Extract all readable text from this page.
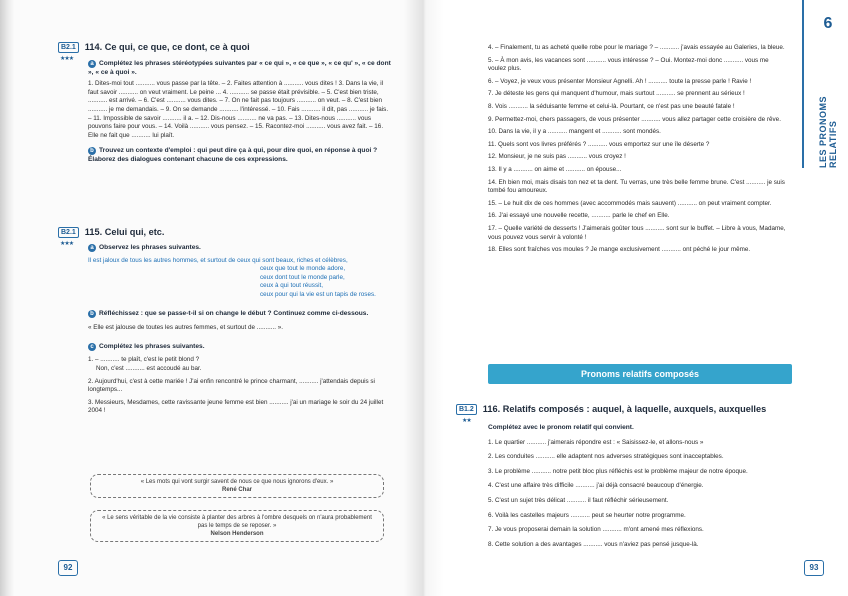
B2.1 114. Ce qui, ce que, ce dont, ce à quoi
★★★

a Complétez les phrases stéréotypées suivantes par « ce qui », « ce que », « ce qu' », « ce dont », « ce à quoi ».

1. Dites-moi tout ........... vous passe par la tête. – 2. Faites attention à ........... vous dites ! 3. Dans la vie, il faut savoir ........... on veut vraiment. Le peine ... 4. ........... se passe était prévisible. – 5. C'est bien triste, ........... est arrivé. – 6. C'est ........... vous dites. – 7. On ne fait pas toujours ........... on veut. – 8. C'est bien ........... je me demandais. – 9. On se demande ........... l'intéressé. – 10. Fais ........... il dit, pas ........... je fais. – 11. Impossible de savoir ........... il a. – 12. Dis-nous ........... ne va pas. – 13. Dites-nous ........... vous pouvons faire pour vous. – 14. Voilà ........... vous pensez. – 15. Racontez-moi ........... vous avez fait. – 16. Elle ne fait que ........... lui plaît.

b Trouvez un contexte d'emploi : qui peut dire ça à qui, pour dire quoi, en réponse à quoi ? Élaborez des dialogues contenant chacune de ces expressions.

B2.1 115. Celui qui, etc.
★★★

a Observez les phrases suivantes.

Il est jaloux de tous les autres hommes, et surtout de ceux qui sont beaux, riches et célèbres,

ceux que tout le monde adore,

ceux dont tout le monde parle,

ceux à qui tout réussit,

ceux pour qui la vie est un tapis de roses.

b Réfléchissez : que se passe-t-il si on change le début ? Continuez comme ci-dessous.

« Elle est jalouse de toutes les autres femmes, et surtout de ........... ».

c Complétez les phrases suivantes.

1. – ........... te plaît, c'est le petit blond ?

Non, c'est ........... est accoudé au bar.

2. Aujourd'hui, c'est à cette mariée ! J'ai enfin rencontré le prince charmant, ........... j'attendais depuis si longtemps...

3. Messieurs, Mesdames, cette ravissante jeune femme est bien ........... j'ai un mariage le soir du 24 juillet 2004 !

« Les mots qui vont surgir savent de nous ce que nous ignorons d'eux. »

René Char

« Le sens véritable de la vie consiste à planter des arbres à l'ombre desquels on n'aura probablement pas le temps de se reposer. »

Nelson Henderson

92
6
LES PRONOMS RELATIFS

4. – Finalement, tu as acheté quelle robe pour le mariage ? – ........... j'avais essayée au Galeries, la bleue.

5. – À mon avis, les vacances sont ........... vous intéresse ? – Oui. Montez-moi donc ........... vous me voulez plus.

6. – Voyez, je veux vous présenter Monsieur Agnelli. Ah ! ........... toute la presse parle ! Ravie !

7. Je déteste les gens qui manquent d'humour, mais surtout ........... se prennent au sérieux !

8. Vois ........... la séduisante femme et celui-là. Pourtant, ce n'est pas une beauté fatale !

9. Permettez-moi, chers passagers, de vous présenter ........... vous allez partager cette croisière de rêve.

10. Dans la vie, il y a ........... mangent et ........... sont mondés.

11. Quels sont vos livres préférés ? ........... vous emportez sur une île déserte ?

12. Monsieur, je ne suis pas ........... vous croyez !

13. Il y a ........... on aime et ........... on épouse...

14. Eh bien moi, mais disais ton nez et ta dent. Tu verras, une très belle femme brune. C'est ........... je suis tombé fou amoureux.

15. – Le huit dix de ces hommes (avec accommodés mais sauvent) ........... on peut vraiment compter.

16. J'ai essayé une nouvelle recette, ........... parle le chef en Elle.

17. – Quelle variété de desserts ! J'aimerais goûter tous ........... sont sur le buffet. – Libre à vous, Madame, vous pouvez vous servir à volonté !

18. Elles sont fraîches vos moules ? Je mange exclusivement ........... ont péché le jour même.

Pronoms relatifs composés
B1.2 116. Relatifs composés : auquel, à laquelle, auxquels, auxquelles
★★

Complétez avec le pronom relatif qui convient.

1. Le quartier ........... j'aimerais répondre est : « Saisissez-le, et allons-nous »

2. Les conduites ........... elle adaptent nos adverses stratégiques sont inacceptables.

3. Le problème ........... notre petit bloc plus réfléchis est le problème majeur de notre époque.

4. C'est une affaire très difficile ........... j'ai déjà consacré beaucoup d'énergie.

5. C'est un sujet très délicat ........... il faut réfléchir sérieusement.

6. Voilà les castelles majeurs ........... peut se heurter notre programme.

7. Je vous proposerai demain la solution ........... m'ont amené mes réflexions.

8. Cette solution a des avantages ........... vous n'aviez pas pensé jusque-là.

93
